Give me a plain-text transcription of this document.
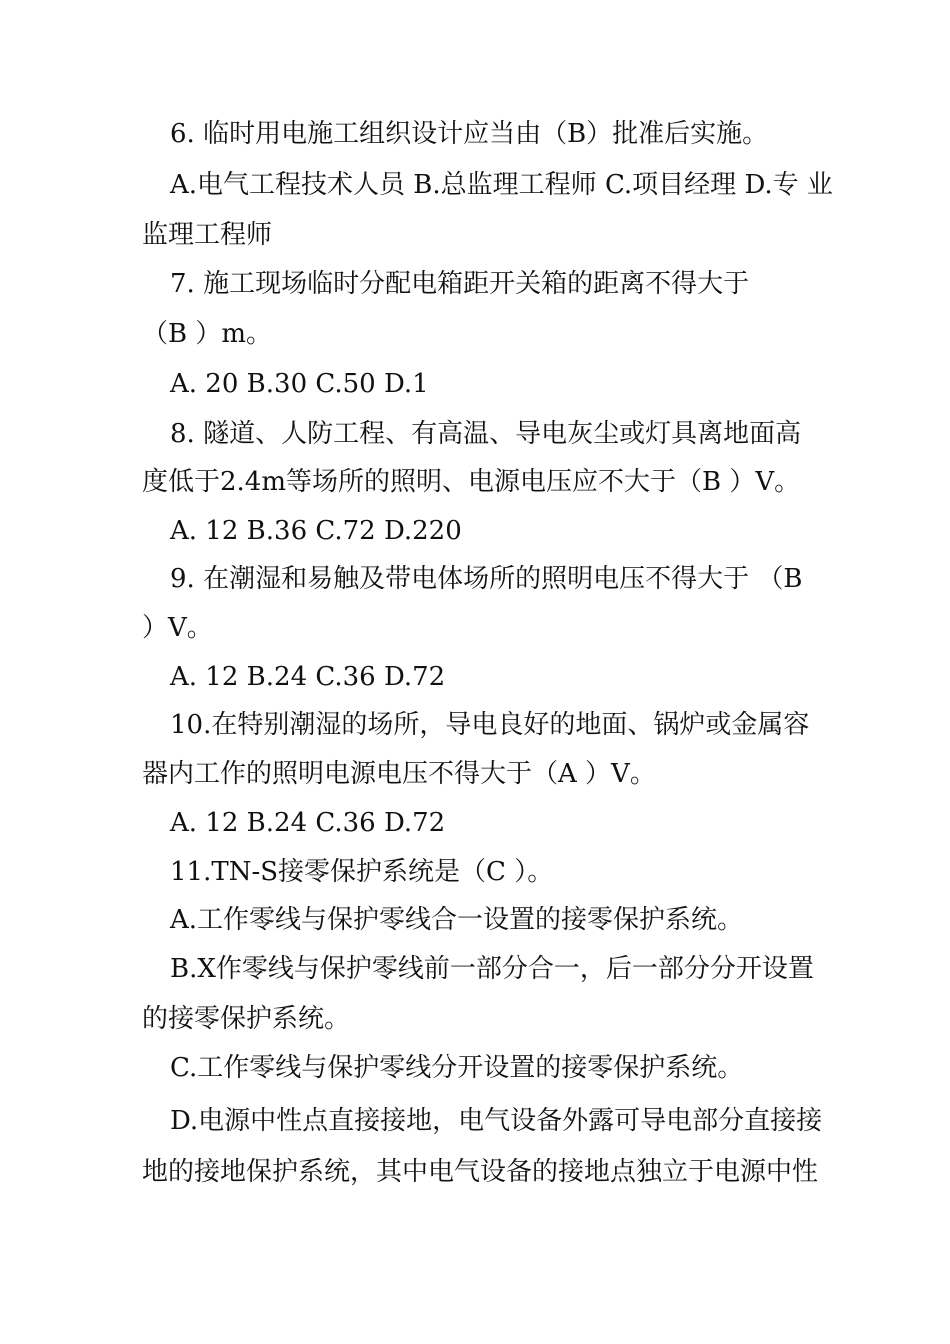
6. 临时用电施工组织设计应当由（B）批准后实施。
A.电气工程技术人员 B.总监理工程师 C.项目经理 D.专 业
监理工程师
7. 施工现场临时分配电箱距开关箱的距离不得大于
（B ）m。
A. 20 B.30 C.50 D.1
8. 隧道、人防工程、有高温、导电灰尘或灯具离地面高
度低于2.4m等场所的照明、电源电压应不大于（B ）V。
A. 12 B.36 C.72 D.220
9. 在潮湿和易触及带电体场所的照明电压不得大于 （B
）V。
A. 12 B.24 C.36 D.72
10.在特别潮湿的场所，导电良好的地面、锅炉或金属容
器内工作的照明电源电压不得大于（A ）V。
A. 12 B.24 C.36 D.72
11.TN-S接零保护系统是（C ）。
A.工作零线与保护零线合一设置的接零保护系统。
B.X作零线与保护零线前一部分合一，后一部分分开设置
的接零保护系统。
C.工作零线与保护零线分开设置的接零保护系统。
D.电源中性点直接接地，电气设备外露可导电部分直接接
地的接地保护系统，其中电气设备的接地点独立于电源中性
